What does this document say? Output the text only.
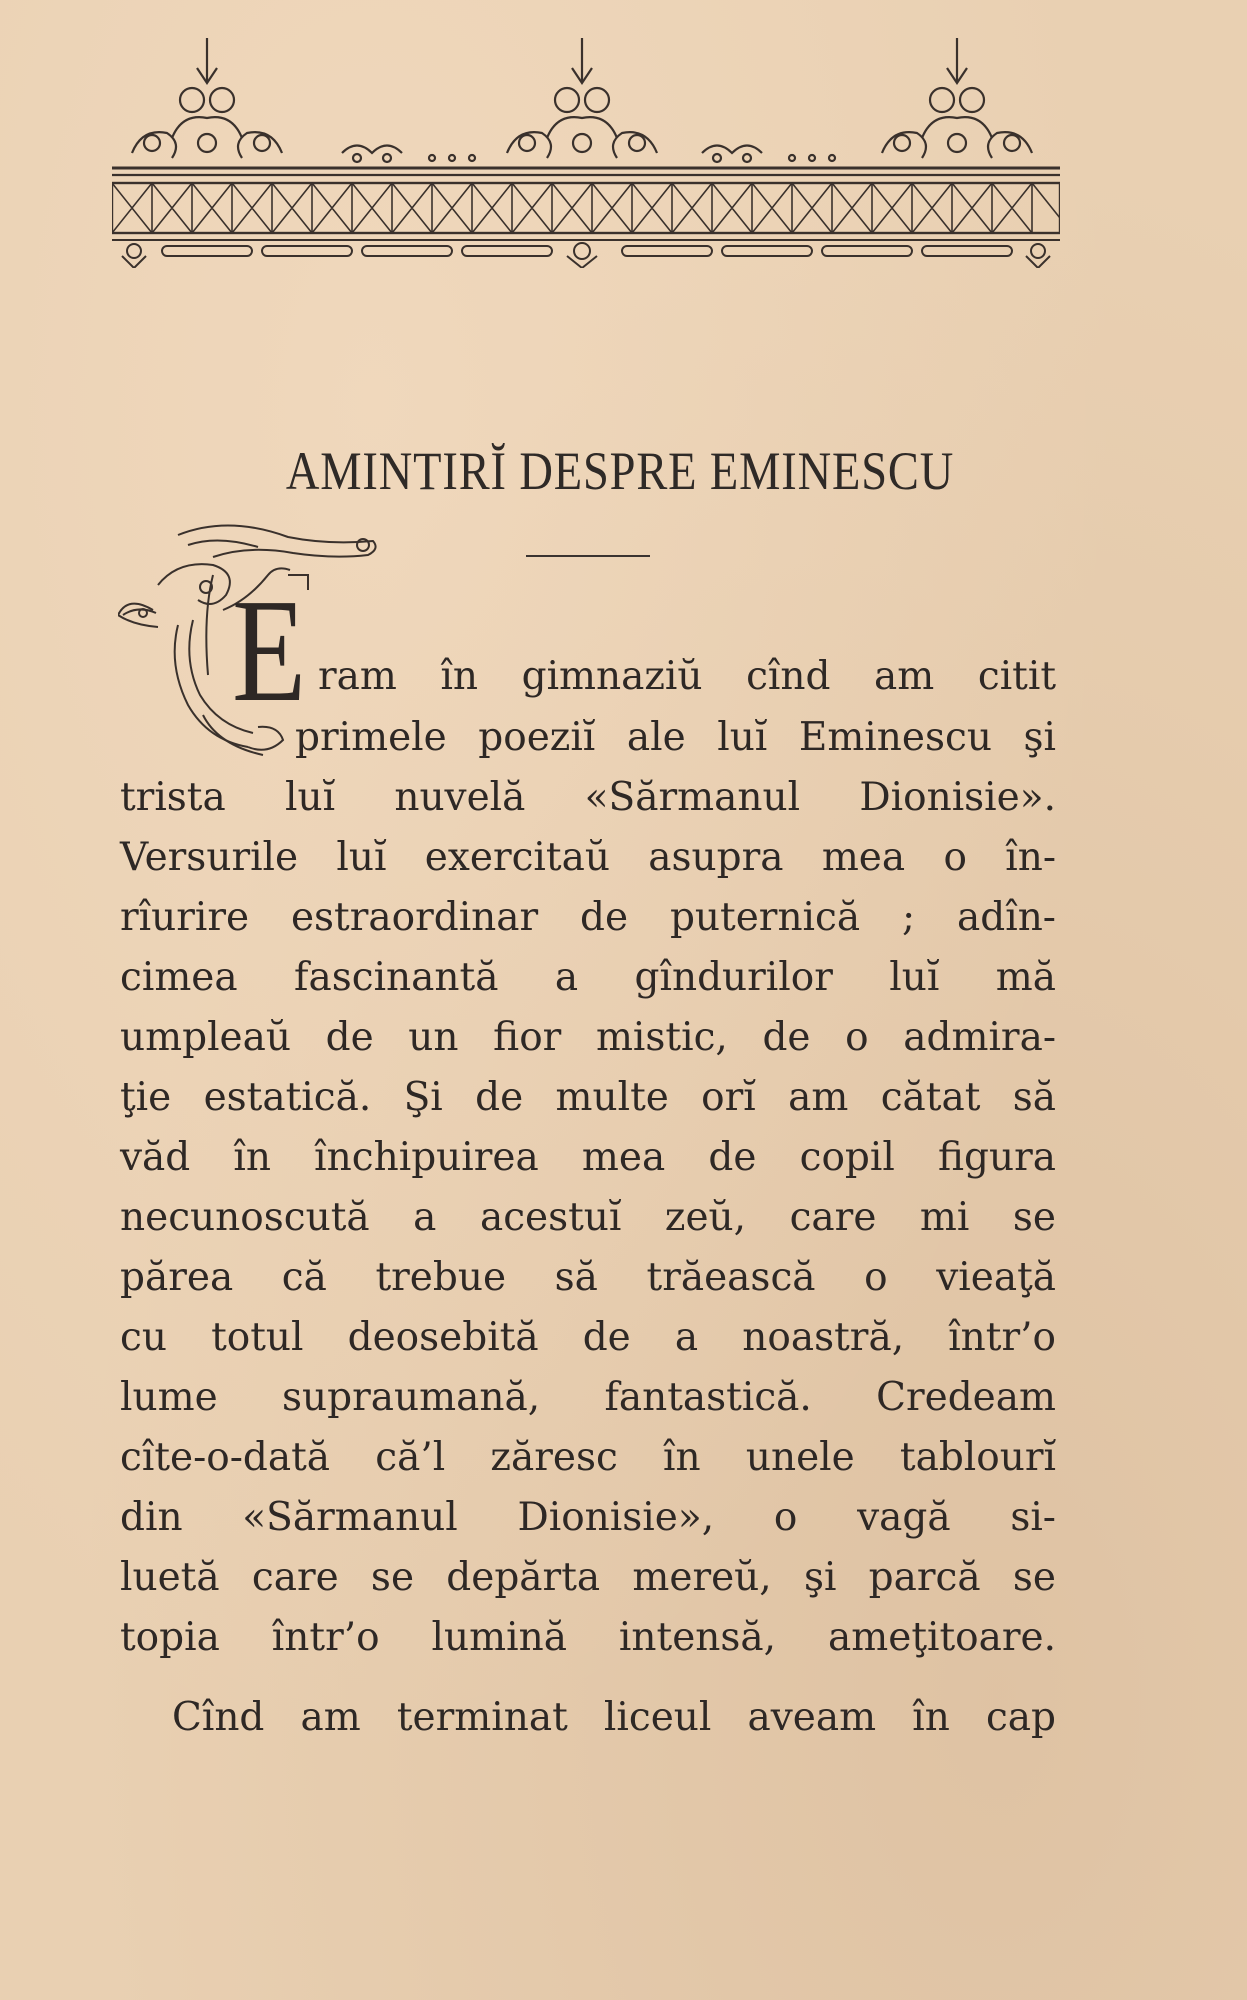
AMINTIRĬ DESPRE EMINESCU
E ram în gimnaziŭ cînd am citit
primele poeziĭ ale luĭ Eminescu şi
trista luĭ nuvelă «Sărmanul Dionisie».
Versurile luĭ exercitaŭ asupra mea o în-
rîurire estraordinar de puternică ; adîn-
cimea fascinantă a gîndurilor luĭ mă
umpleaŭ de un fior mistic, de o admira-
ţie estatică. Şi de multe orĭ am cătat să
văd în închipuirea mea de copil figura
necunoscută a acestuĭ zeŭ, care mi se
părea că trebue să trăească o vieaţă
cu totul deosebită de a noastră, într’o
lume supraumană, fantastică. Credeam
cîte-o-dată că’l zăresc în unele tablourĭ
din «Sărmanul Dionisie», o vagă si-
luetă care se depărta mereŭ, şi parcă se
topia într’o lumină intensă, ameţitoare.
Cînd am terminat liceul aveam în cap
